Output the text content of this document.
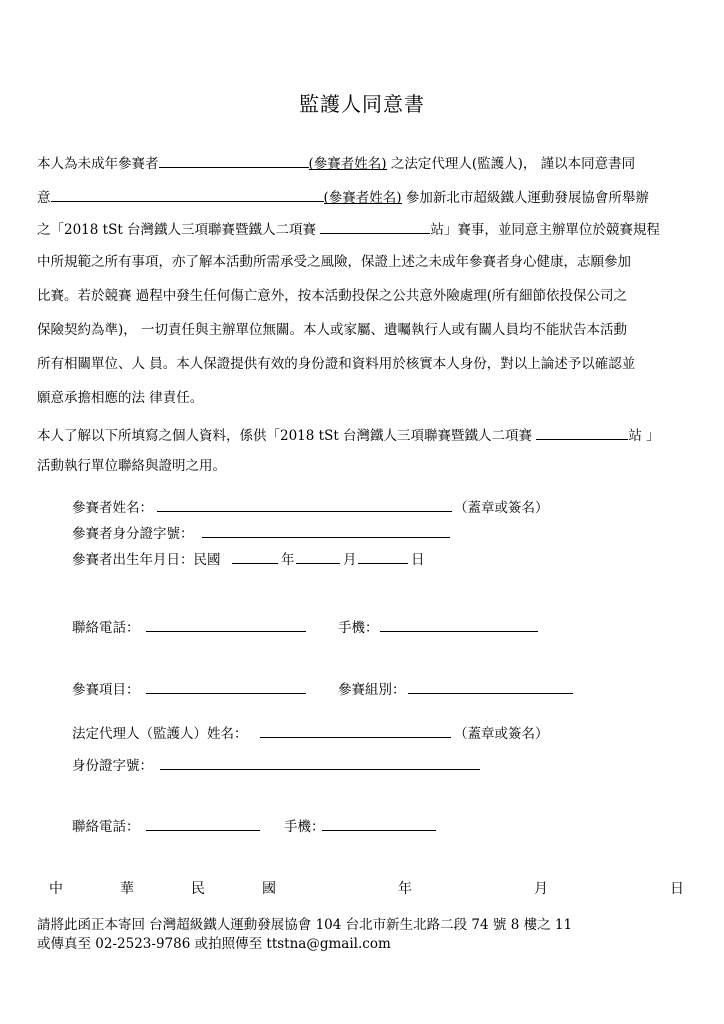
監護人同意書
本人為未成年參賽者	(參賽者姓名) 之法定代理人(監護人)， 謹以本同意書同
意	(參賽者姓名) 參加新北市超級鐵人運動發展協會所舉辦
之「2018 tSt 台灣鐵人三項聯賽暨鐵人二項賽	站」賽事，並同意主辦單位於競賽規程
中所規範之所有事項，亦了解本活動所需承受之風險，保證上述之未成年參賽者身心健康，志願參加
比賽。若於競賽 過程中發生任何傷亡意外，按本活動投保之公共意外險處理(所有細節依投保公司之
保險契約為準)， 一切責任與主辦單位無關。本人或家屬、遺囑執行人或有關人員均不能狀告本活動
所有相關單位、人 員。本人保證提供有效的身份證和資料用於核實本人身份，對以上論述予以確認並
願意承擔相應的法 律責任。
本人了解以下所填寫之個人資料，係供「2018 tSt 台灣鐵人三項聯賽暨鐵人二項賽	站 」
活動執行單位聯絡與證明之用。
參賽者姓名：	（蓋章或簽名）
參賽者身分證字號：
參賽者出生年月日：民國	年	月	日
聯絡電話：	手機：
參賽項目：	參賽組別：
法定代理人（監護人）姓名：	（蓋章或簽名）
身份證字號：
聯絡電話：	手機：
中	華	民	國	年	月	日
請將此函正本寄回 台灣超級鐵人運動發展協會 104 台北市新生北路二段 74 號 8 樓之 11
或傳真至 02-2523-9786 或拍照傳至 ttstna@gmail.com
